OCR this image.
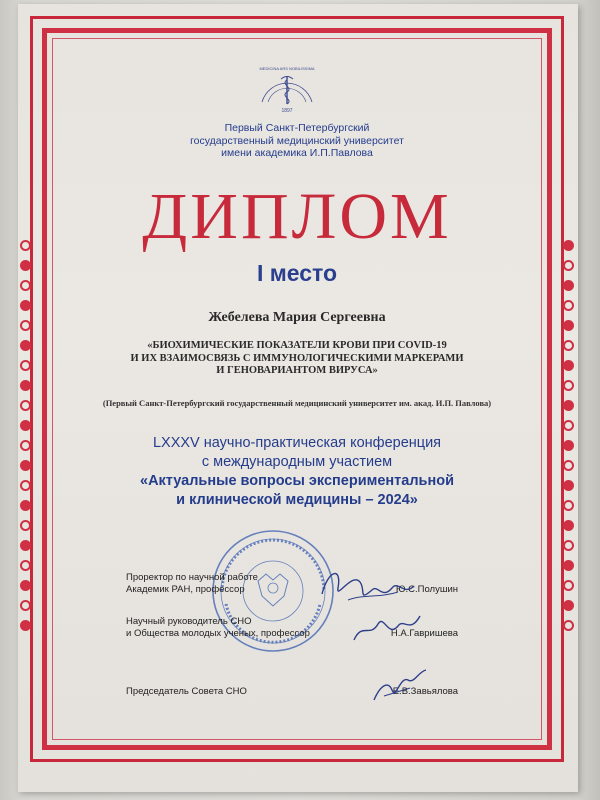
1897
MEDICINA ARS NOBILISSIMA
Первый Санкт-Петербургский
государственный медицинский университет
имени академика И.П.Павлова
ДИПЛОМ
I место
Жебелева Мария Сергеевна
«БИОХИМИЧЕСКИЕ ПОКАЗАТЕЛИ КРОВИ ПРИ COVID-19
И ИХ ВЗАИМОСВЯЗЬ С ИММУНОЛОГИЧЕСКИМИ МАРКЕРАМИ
И ГЕНОВАРИАНТОМ ВИРУСА»
(Первый Санкт-Петербургский государственный медицинский университет им. акад. И.П. Павлова)
LXXXV научно-практическая конференция
с международным участием
«Актуальные вопросы экспериментальной
и клинической медицины – 2024»
Проректор по научной работе
Академик РАН, профессор	Ю.С.Полушин
Научный руководитель СНО
и Общества молодых ученых, профессор	Н.А.Гавришева
Председатель Совета СНО	Е.В.Завьялова
